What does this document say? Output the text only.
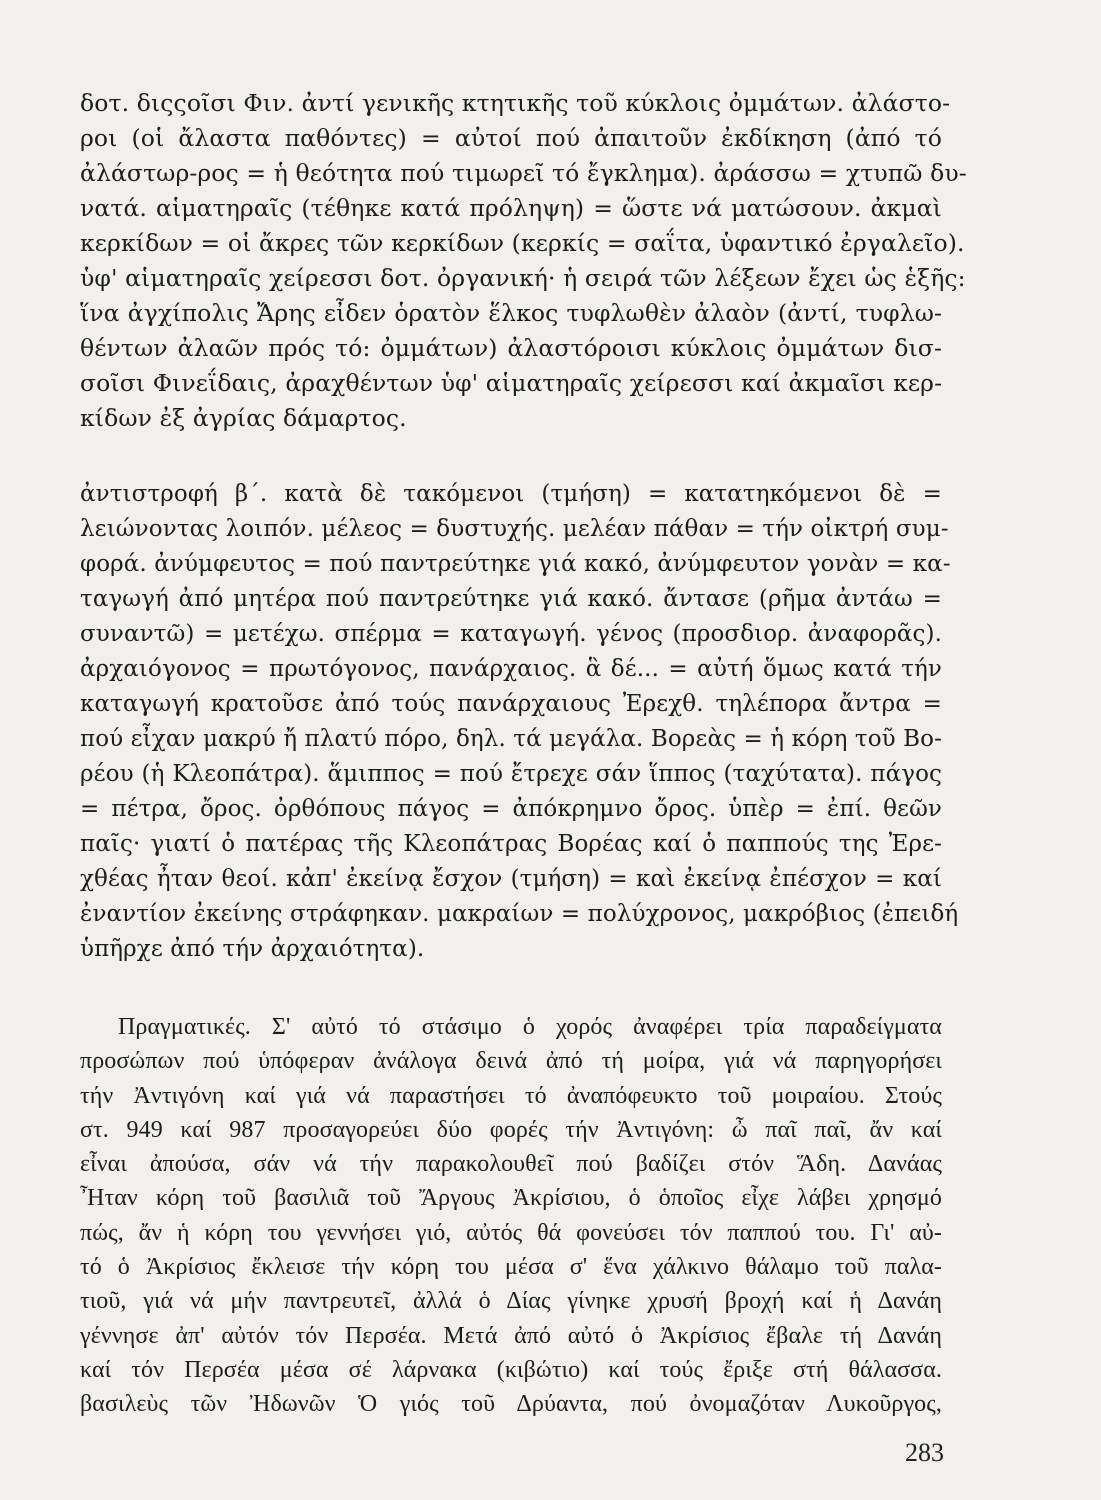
δοτ. διςςοῖσι Φιν. ἀντί γενικῆς κτητικῆς τοῦ κύκλοις ὀμμάτων. ἀλάστο-
ροι (οἱ ἄλαστα παθόντες) = αὐτοί πού ἀπαιτοῦν ἐκδίκηση (ἀπό τό
ἀλάστωρ-ρος = ἡ θεότητα πού τιμωρεῖ τό ἔγκλημα). ἀράσσω = χτυπῶ δυ-
νατά. αἱματηραῖς (τέθηκε κατά πρόληψη) = ὥστε νά ματώσουν. ἀκμαὶ
κερκίδων = οἱ ἄκρες τῶν κερκίδων (κερκίς = σαΐτα, ὑφαντικό ἐργαλεῖο).
ὑφ' αἱματηραῖς χείρεσσι δοτ. ὀργανική· ἡ σειρά τῶν λέξεων ἔχει ὡς ἑξῆς:
ἵνα ἀγχίπολις Ἄρης εἶδεν ὁρατὸν ἕλκος τυφλωθὲν ἀλαὸν (ἀντί, τυφλω-
θέντων ἀλαῶν πρός τό: ὀμμάτων) ἀλαστόροισι κύκλοις ὀμμάτων δισ-
σοῖσι Φινεΐδαις, ἀραχθέντων ὑφ' αἱματηραῖς χείρεσσι καί ἀκμαῖσι κερ-
κίδων ἐξ ἀγρίας δάμαρτος.
ἀντιστροφή β΄. κατὰ δὲ τακόμενοι (τμήση) = κατατηκόμενοι δὲ =
λειώνοντας λοιπόν. μέλεος = δυστυχής. μελέαν πάθαν = τήν οἰκτρή συμ-
φορά. ἀνύμφευτος = πού παντρεύτηκε γιά κακό, ἀνύμφευτον γονὰν = κα-
ταγωγή ἀπό μητέρα πού παντρεύτηκε γιά κακό. ἄντασε (ρῆμα ἀντάω =
συναντῶ) = μετέχω. σπέρμα = καταγωγή. γένος (προσδιορ. ἀναφορᾶς).
ἀρχαιόγονος = πρωτόγονος, πανάρχαιος. ἃ δέ... = αὐτή ὅμως κατά τήν
καταγωγή κρατοῦσε ἀπό τούς πανάρχαιους Ἐρεχθ. τηλέπορα ἄντρα =
πού εἶχαν μακρύ ἤ πλατύ πόρο, δηλ. τά μεγάλα. Βορεὰς = ἡ κόρη τοῦ Βο-
ρέου (ἡ Κλεοπάτρα). ἅμιππος = πού ἔτρεχε σάν ἵππος (ταχύτατα). πάγος
= πέτρα, ὄρος. ὀρθόπους πάγος = ἀπόκρημνο ὄρος. ὑπὲρ = ἐπί. θεῶν
παῖς· γιατί ὁ πατέρας τῆς Κλεοπάτρας Βορέας καί ὁ παππούς της Ἐρε-
χθέας ἦταν θεοί. κἀπ' ἐκείνᾳ ἔσχον (τμήση) = καὶ ἐκείνᾳ ἐπέσχον = καί
ἐναντίον ἐκείνης στράφηκαν. μακραίων = πολύχρονος, μακρόβιος (ἐπειδή
ὑπῆρχε ἀπό τήν ἀρχαιότητα).
Πραγματικές. Σ' αὐτό τό στάσιμο ὁ χορός ἀναφέρει τρία παραδείγματα
προσώπων πού ὑπόφεραν ἀνάλογα δεινά ἀπό τή μοίρα, γιά νά παρηγορήσει
τήν Ἀντιγόνη καί γιά νά παραστήσει τό ἀναπόφευκτο τοῦ μοιραίου. Στούς
στ. 949 καί 987 προσαγορεύει δύο φορές τήν Ἀντιγόνη: ὦ παῖ παῖ, ἄν καί
εἶναι ἀπούσα, σάν νά τήν παρακολουθεῖ πού βαδίζει στόν Ἅδη. Δανάας
Ἦταν κόρη τοῦ βασιλιᾶ τοῦ Ἄργους Ἀκρίσιου, ὁ ὁποῖος εἶχε λάβει χρησμό
πώς, ἄν ἡ κόρη του γεννήσει γιό, αὐτός θά φονεύσει τόν παππού του. Γι' αὐ-
τό ὁ Ἀκρίσιος ἔκλεισε τήν κόρη του μέσα σ' ἕνα χάλκινο θάλαμο τοῦ παλα-
τιοῦ, γιά νά μήν παντρευτεῖ, ἀλλά ὁ Δίας γίνηκε χρυσή βροχή καί ἡ Δανάη
γέννησε ἀπ' αὐτόν τόν Περσέα. Μετά ἀπό αὐτό ὁ Ἀκρίσιος ἔβαλε τή Δανάη
καί τόν Περσέα μέσα σέ λάρνακα (κιβώτιο) καί τούς ἔριξε στή θάλασσα.
βασιλεὺς τῶν Ἠδωνῶν Ὁ γιός τοῦ Δρύαντα, πού ὀνομαζόταν Λυκοῦργος,
283
